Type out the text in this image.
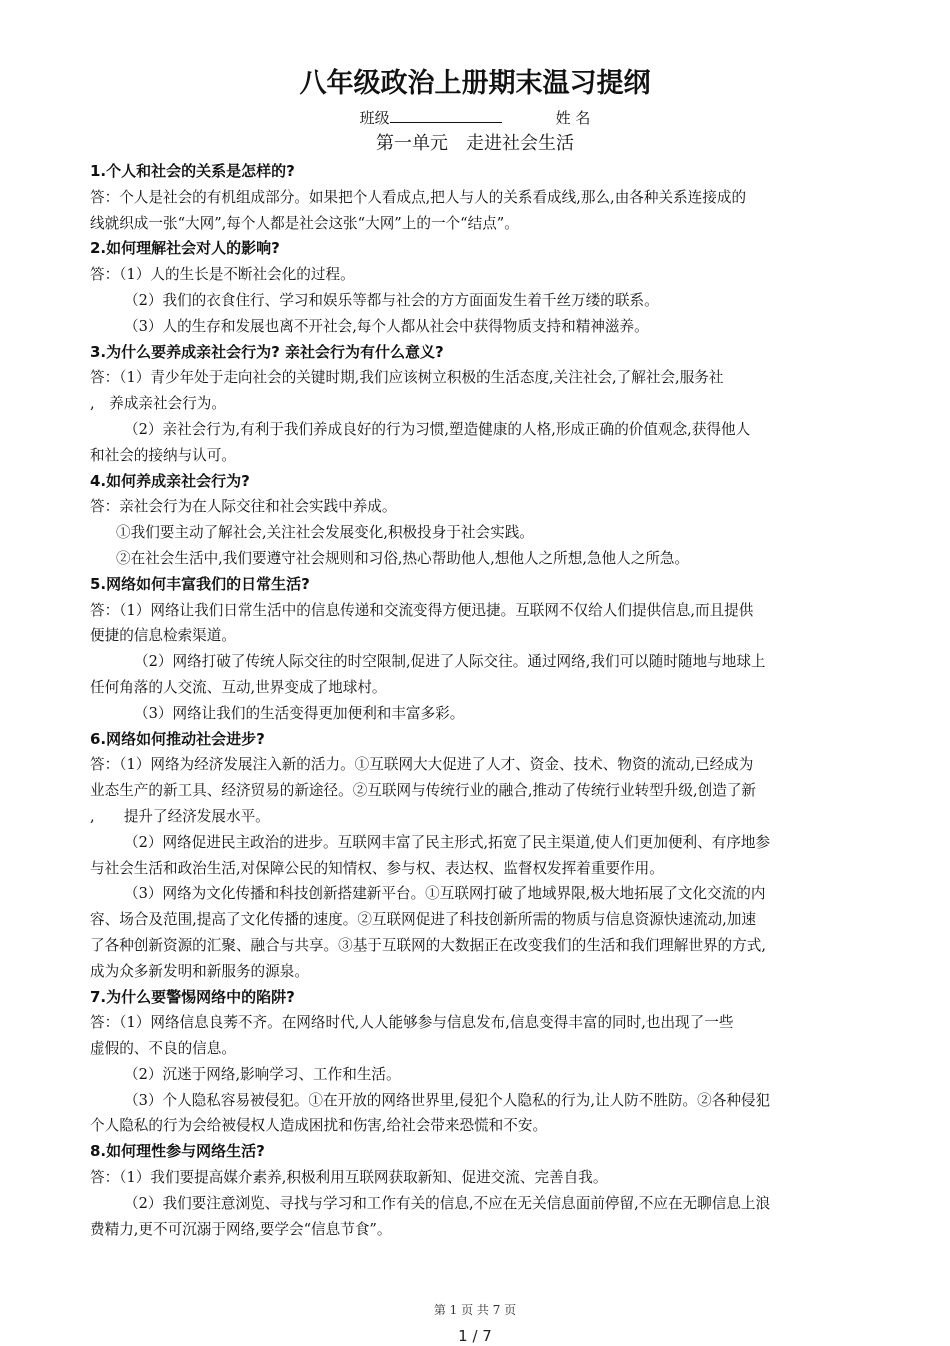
八年级政治上册期末温习提纲
班级	姓 名
第一单元　走进社会生活

1.个人和社会的关系是怎样的?

答：个人是社会的有机组成部分。如果把个人看成点,把人与人的关系看成线,那么,由各种关系连接成的

线就织成一张“大网”,每个人都是社会这张“大网”上的一个“结点”。

2.如何理解社会对人的影响?

答：（1）人的生长是不断社会化的过程。

（2）我们的衣食住行、学习和娱乐等都与社会的方方面面发生着千丝万缕的联系。

（3）人的生存和发展也离不开社会,每个人都从社会中获得物质支持和精神滋养。

3.为什么要养成亲社会行为? 亲社会行为有什么意义?

答：（1）青少年处于走向社会的关键时期,我们应该树立积极的生活态度,关注社会,了解社会,服务社

,　养成亲社会行为。

（2）亲社会行为,有利于我们养成良好的行为习惯,塑造健康的人格,形成正确的价值观念,获得他人

和社会的接纳与认可。

4.如何养成亲社会行为?

答：亲社会行为在人际交往和社会实践中养成。

①我们要主动了解社会,关注社会发展变化,积极投身于社会实践。

②在社会生活中,我们要遵守社会规则和习俗,热心帮助他人,想他人之所想,急他人之所急。

5.网络如何丰富我们的日常生活?

答：（1）网络让我们日常生活中的信息传递和交流变得方便迅捷。互联网不仅给人们提供信息,而且提供

便捷的信息检索渠道。

（2）网络打破了传统人际交往的时空限制,促进了人际交往。通过网络,我们可以随时随地与地球上

任何角落的人交流、互动,世界变成了地球村。

（3）网络让我们的生活变得更加便利和丰富多彩。

6.网络如何推动社会进步?

答：（1）网络为经济发展注入新的活力。①互联网大大促进了人才、资金、技术、物资的流动,已经成为

业态生产的新工具、经济贸易的新途径。②互联网与传统行业的融合,推动了传统行业转型升级,创造了新

,　　提升了经济发展水平。

（2）网络促进民主政治的进步。互联网丰富了民主形式,拓宽了民主渠道,使人们更加便利、有序地参

与社会生活和政治生活,对保障公民的知情权、参与权、表达权、监督权发挥着重要作用。

（3）网络为文化传播和科技创新搭建新平台。①互联网打破了地域界限,极大地拓展了文化交流的内

容、场合及范围,提高了文化传播的速度。②互联网促进了科技创新所需的物质与信息资源快速流动,加速

了各种创新资源的汇聚、融合与共享。③基于互联网的大数据正在改变我们的生活和我们理解世界的方式,

成为众多新发明和新服务的源泉。

7.为什么要警惕网络中的陷阱?

答：（1）网络信息良莠不齐。在网络时代,人人能够参与信息发布,信息变得丰富的同时,也出现了一些

虚假的、不良的信息。

（2）沉迷于网络,影响学习、工作和生活。

（3）个人隐私容易被侵犯。①在开放的网络世界里,侵犯个人隐私的行为,让人防不胜防。②各种侵犯

个人隐私的行为会给被侵权人造成困扰和伤害,给社会带来恐慌和不安。

8.如何理性参与网络生活?

答：（1）我们要提高媒介素养,积极利用互联网获取新知、促进交流、完善自我。

（2）我们要注意浏览、寻找与学习和工作有关的信息,不应在无关信息面前停留,不应在无聊信息上浪

费精力,更不可沉溺于网络,要学会“信息节食”。

第 1 页 共 7 页
1 / 7
